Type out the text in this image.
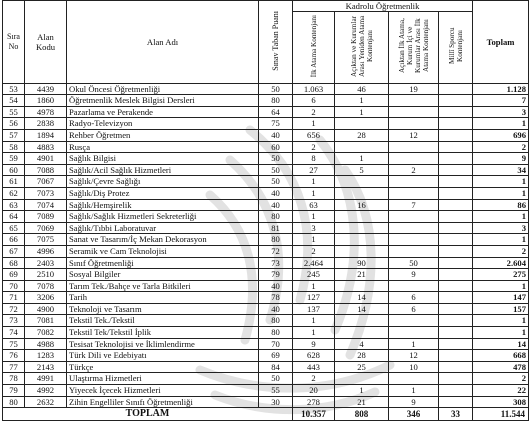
Sıra No	Alan Kodu	Alan Adı	Sınav Taban Puanı	Kadrolu Öğretmenlik				Toplam
				İlk Atama Kontenjanı	Açıktan ve Kurumlar Arası Yeniden Atama Kontenjanı	Açıktan İlk Atama, Kurum İçi ve Kurumlar Arası İlk Atama Kontenjanı	Millî Sporcu Kontenjanı	
53	4439	Okul Öncesi Öğretmenliği	50	1.063	46	19		1.128
54	1860	Öğretmenlik Meslek Bilgisi Dersleri	80	6	1			7
55	4978	Pazarlama ve Perakende	64	2	1			3
56	2838	Radyo-Televizyon	75	1				1
57	1894	Rehber Öğretmen	40	656	28	12		696
58	4883	Rusça	60	2				2
59	4901	Sağlık Bilgisi	50	8	1			9
60	7088	Sağlık/Acil Sağlık Hizmetleri	50	27	5	2		34
61	7067	Sağlık/Çevre Sağlığı	50	1				1
62	7073	Sağlık/Diş Protez	40	1				1
63	7074	Sağlık/Hemşirelik	40	63	16	7		86
64	7089	Sağlık/Sağlık Hizmetleri Sekreterliği	80	1				1
65	7069	Sağlık/Tıbbi Laboratuvar	81	3				3
66	7075	Sanat ve Tasarım/İç Mekan Dekorasyon	80	1				1
67	4996	Seramik ve Cam Teknolojisi	72	2				2
68	2403	Sınıf Öğretmenliği	73	2.464	90	50		2.604
69	2510	Sosyal Bilgiler	79	245	21	9		275
70	7078	Tarım Tek./Bahçe ve Tarla Bitkileri	40	1				1
71	3206	Tarih	78	127	14	6		147
72	4900	Teknoloji ve Tasarım	40	137	14	6		157
73	7081	Tekstil Tek./Tekstil	80	1				1
74	7082	Tekstil Tek/Tekstil İplik	80	1				1
75	4988	Tesisat Teknolojisi ve İklimlendirme	70	9	4	1		14
76	1283	Türk Dili ve Edebiyatı	69	628	28	12		668
77	2143	Türkçe	84	443	25	10		478
78	4991	Ulaştırma Hizmetleri	50	2				2
79	4992	Yiyecek İçecek Hizmetleri	55	20	1	1		22
80	2632	Zihin Engelliler Sınıfı Öğretmenliği	30	278	21	9		308
TOPLAM				10.357	808	346	33	11.544
